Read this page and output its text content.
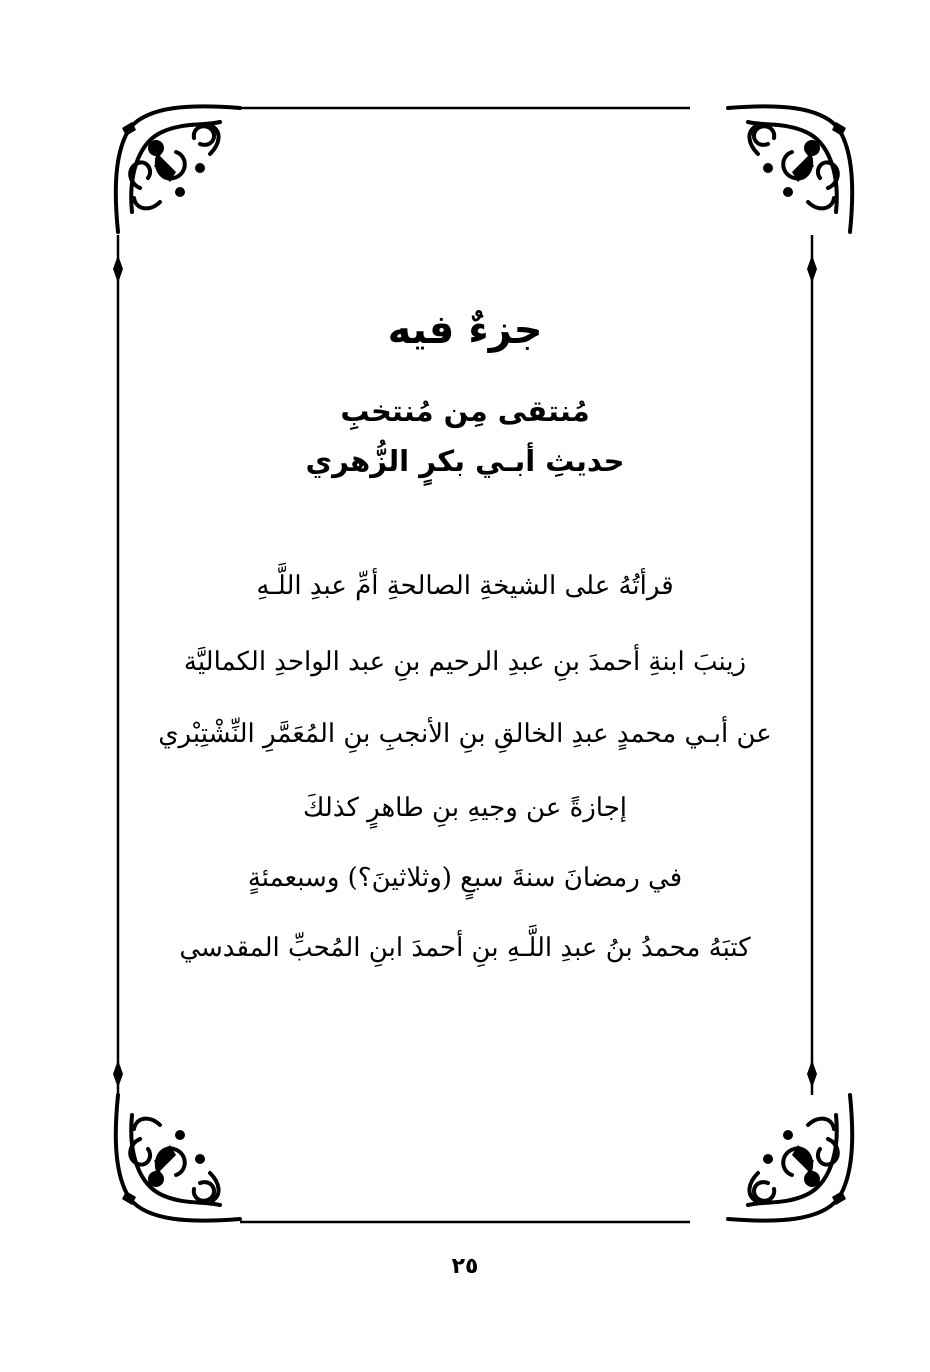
جزءٌ فيه
مُنتقى مِن مُنتخبِ
حديثِ أبـي بكرٍ الزُّهري
قرأتُهُ على الشيخةِ الصالحةِ أمِّ عبدِ اللَّـهِ
زينبَ ابنةِ أحمدَ بنِ عبدِ الرحيم بنِ عبد الواحدِ الكماليَّة
عن أبـي محمدٍ عبدِ الخالقِ بنِ الأنجبِ بنِ المُعَمَّرِ النِّشْتِبْري
إجازةً عن وجيهِ بنِ طاهرٍ كذلكَ
في رمضانَ سنةَ سبعٍ (وثلاثينَ؟) وسبعمئةٍ
كتبَهُ محمدُ بنُ عبدِ اللَّـهِ بنِ أحمدَ ابنِ المُحبِّ المقدسي
٢٥
